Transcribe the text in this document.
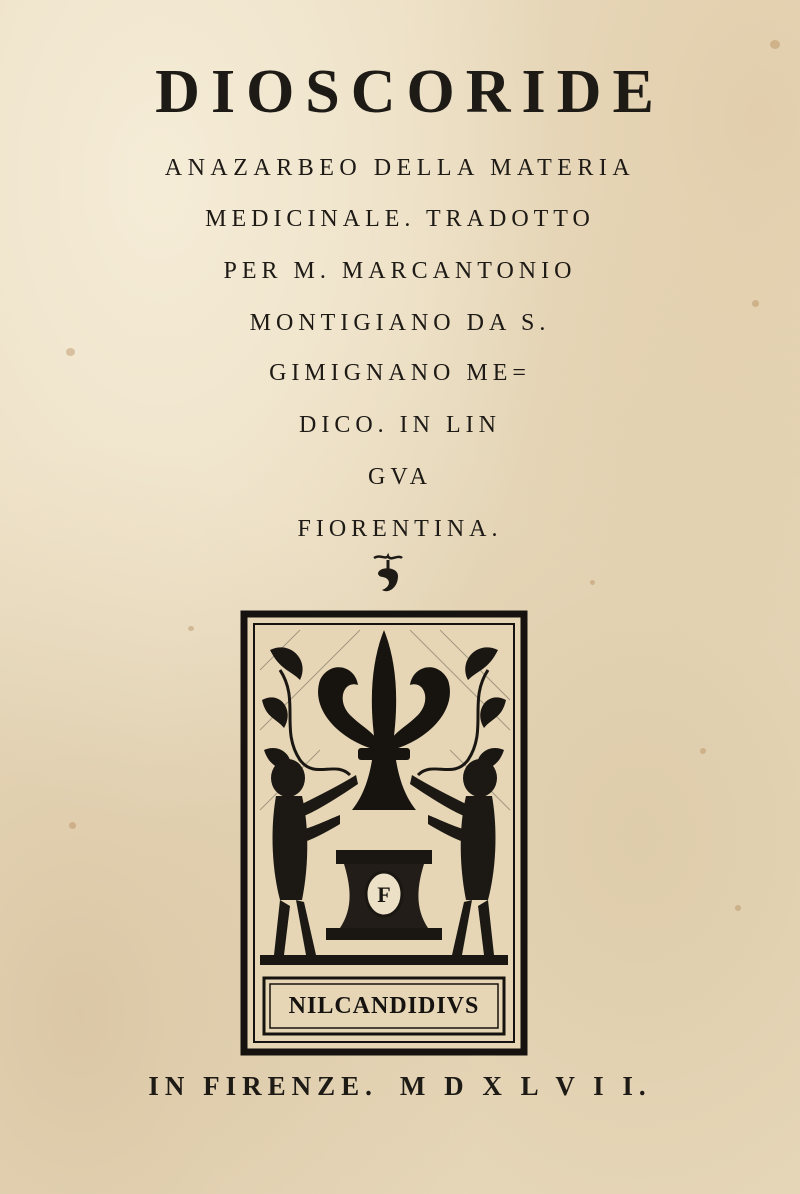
DIOSCORIDE
ANAZARBEO DELLA MATERIA
MEDICINALE. TRADOTTO
PER M. MARCANTONIO
MONTIGIANO DA S.
GIMIGNANO ME=
DICO. IN LIN
GVA
FIORENTINA.
F
NILCANDIDIVS
IN FIRENZE. M D X L V I I.
